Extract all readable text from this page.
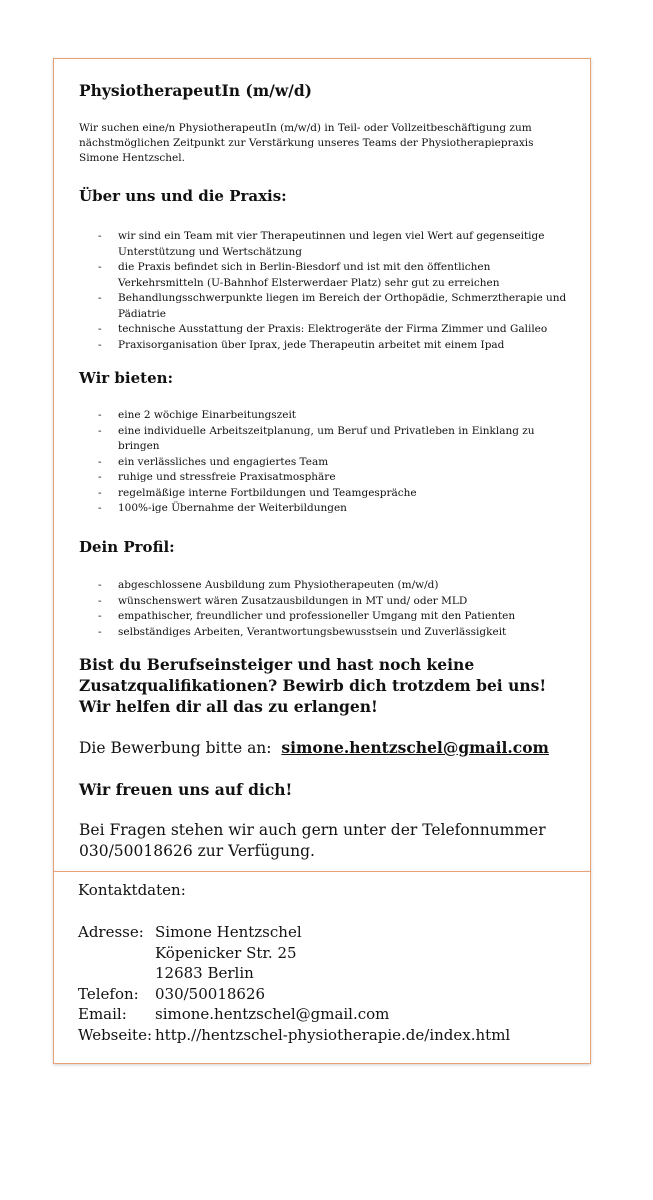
PhysiotherapeutIn (m/w/d)

Wir suchen eine/n PhysiotherapeutIn (m/w/d) in Teil- oder Vollzeitbeschäftigung zum nächstmöglichen Zeitpunkt zur Verstärkung unseres Teams der Physiotherapiepraxis Simone Hentzschel.

Über uns und die Praxis:
- wir sind ein Team mit vier Therapeutinnen und legen viel Wert auf gegenseitige Unterstützung und Wertschätzung
- die Praxis befindet sich in Berlin-Biesdorf und ist mit den öffentlichen Verkehrsmitteln (U-Bahnhof Elsterwerdaer Platz) sehr gut zu erreichen
- Behandlungsschwerpunkte liegen im Bereich der Orthopädie, Schmerztherapie und Pädiatrie
- technische Ausstattung der Praxis: Elektrogeräte der Firma Zimmer und Galileo
- Praxisorganisation über Iprax, jede Therapeutin arbeitet mit einem Ipad
Wir bieten:
- eine 2 wöchige Einarbeitungszeit
- eine individuelle Arbeitszeitplanung, um Beruf und Privatleben in Einklang zu bringen
- ein verlässliches und engagiertes Team
- ruhige und stressfreie Praxisatmosphäre
- regelmäßige interne Fortbildungen und Teamgespräche
- 100%-ige Übernahme der Weiterbildungen
Dein Profil:
- abgeschlossene Ausbildung zum Physiotherapeuten (m/w/d)
- wünschenswert wären Zusatzausbildungen in MT und/ oder MLD
- empathischer, freundlicher und professioneller Umgang mit den Patienten
- selbständiges Arbeiten, Verantwortungsbewusstsein und Zuverlässigkeit

Bist du Berufseinsteiger und hast noch keine Zusatzqualifikationen? Bewirb dich trotzdem bei uns! Wir helfen dir all das zu erlangen!

Die Bewerbung bitte an: simone.hentzschel@gmail.com

Wir freuen uns auf dich!

Bei Fragen stehen wir auch gern unter der Telefonnummer 030/50018626 zur Verfügung.

Kontaktdaten:
Adresse: Simone Hentzschel
Köpenicker Str. 25
12683 Berlin
Telefon: 030/50018626
Email: simone.hentzschel@gmail.com
Webseite: http.//hentzschel-physiotherapie.de/index.html
